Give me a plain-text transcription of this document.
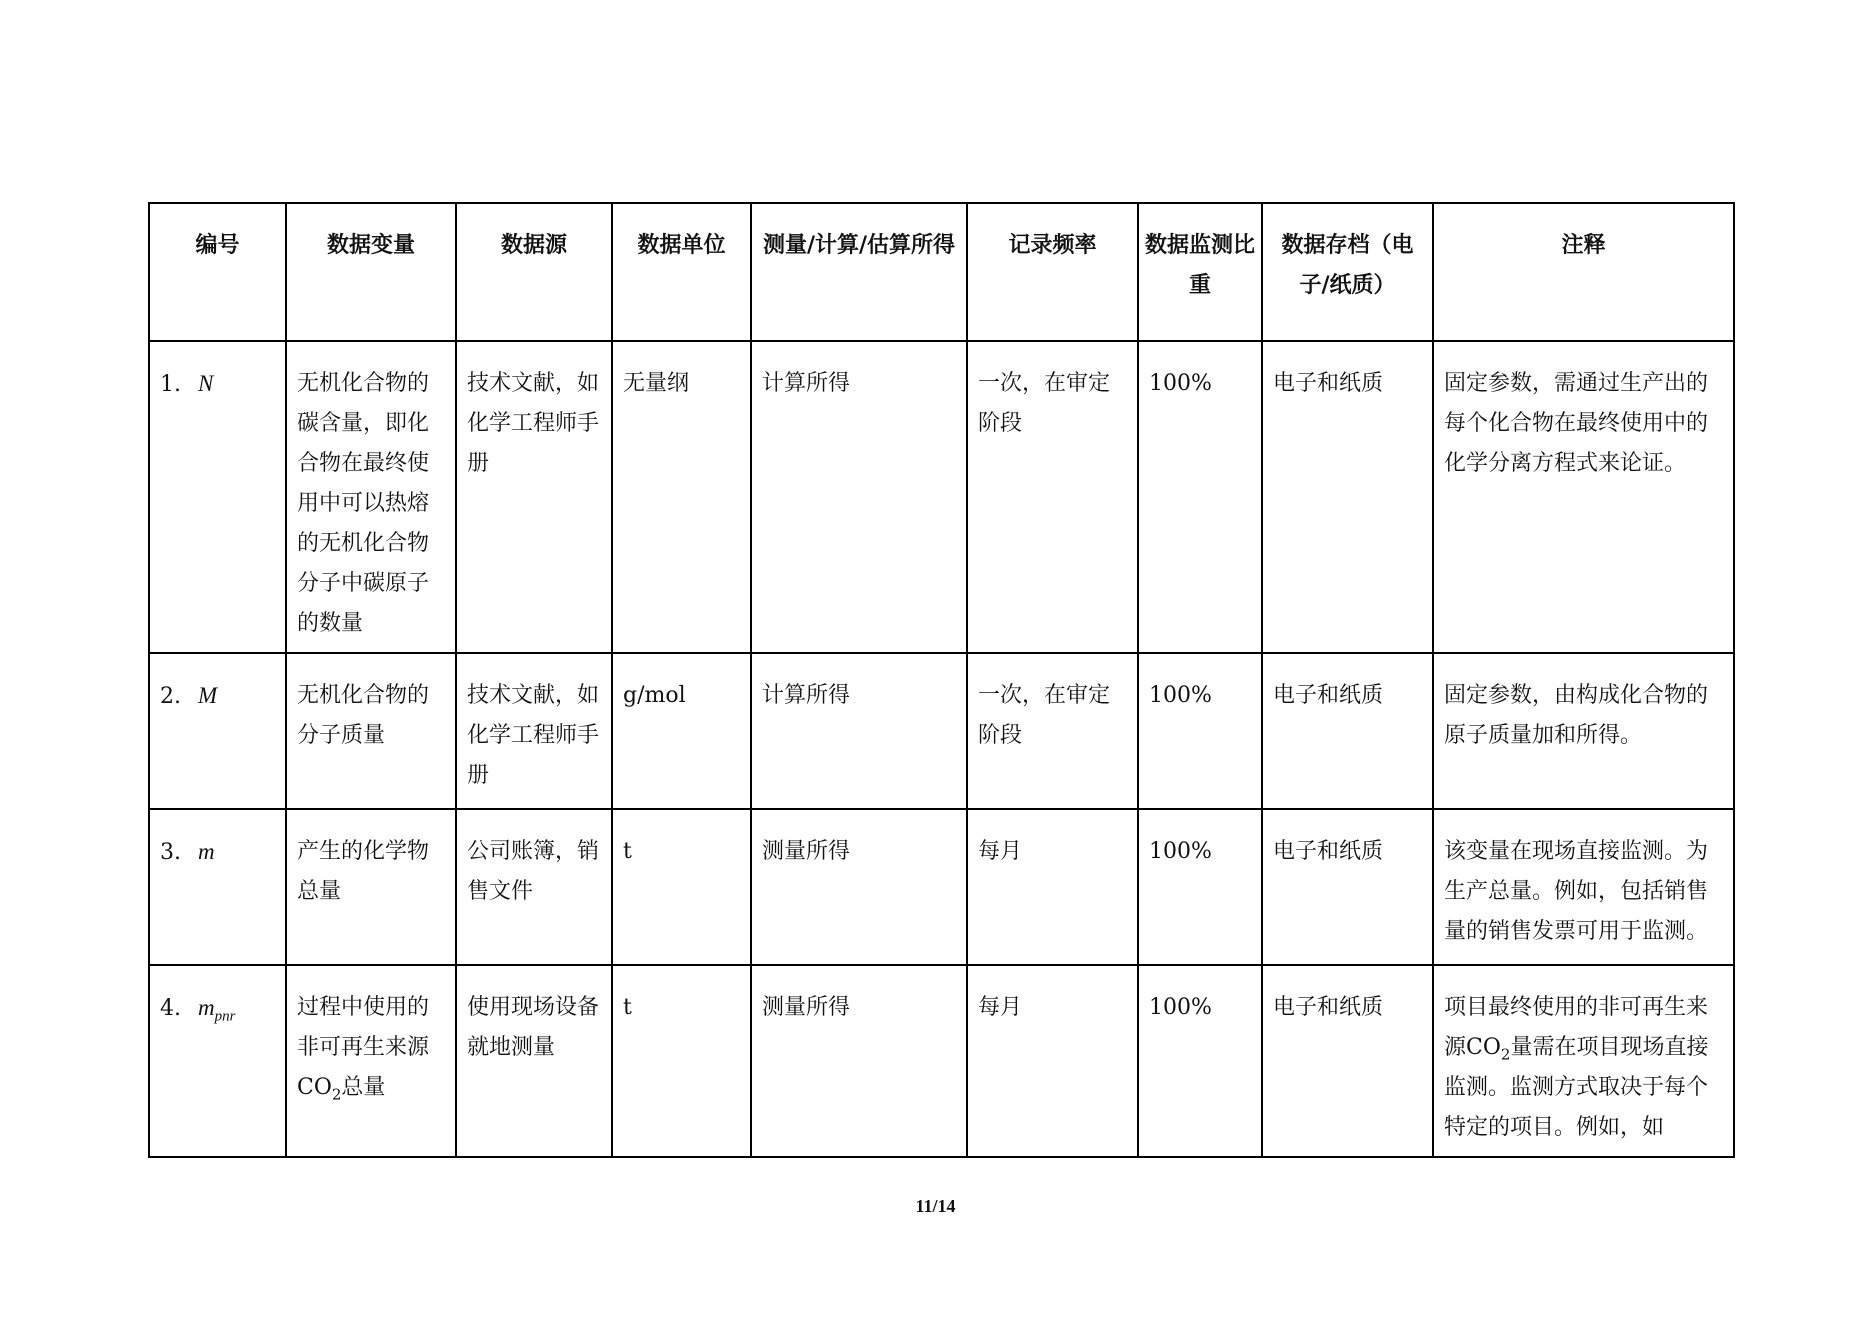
编号	数据变量	数据源	数据单位	测量/计算/估算所得	记录频率	数据监测比重	数据存档（电子/纸质）	注释
1. N	无机化合物的碳含量，即化合物在最终使用中可以热熔的无机化合物分子中碳原子的数量	技术文献，如化学工程师手册	无量纲	计算所得	一次，在审定阶段	100%	电子和纸质	固定参数，需通过生产出的每个化合物在最终使用中的化学分离方程式来论证。
2. M	无机化合物的分子质量	技术文献，如化学工程师手册	g/mol	计算所得	一次，在审定阶段	100%	电子和纸质	固定参数，由构成化合物的原子质量加和所得。
3. m	产生的化学物总量	公司账簿，销售文件	t	测量所得	每月	100%	电子和纸质	该变量在现场直接监测。为生产总量。例如，包括销售量的销售发票可用于监测。
4. $m_{pnr}$	过程中使用的非可再生来源$CO_2$总量	使用现场设备就地测量	t	测量所得	每月	100%	电子和纸质	项目最终使用的非可再生来源$CO_2$量需在项目现场直接监测。监测方式取决于每个特定的项目。例如，如
11/14
